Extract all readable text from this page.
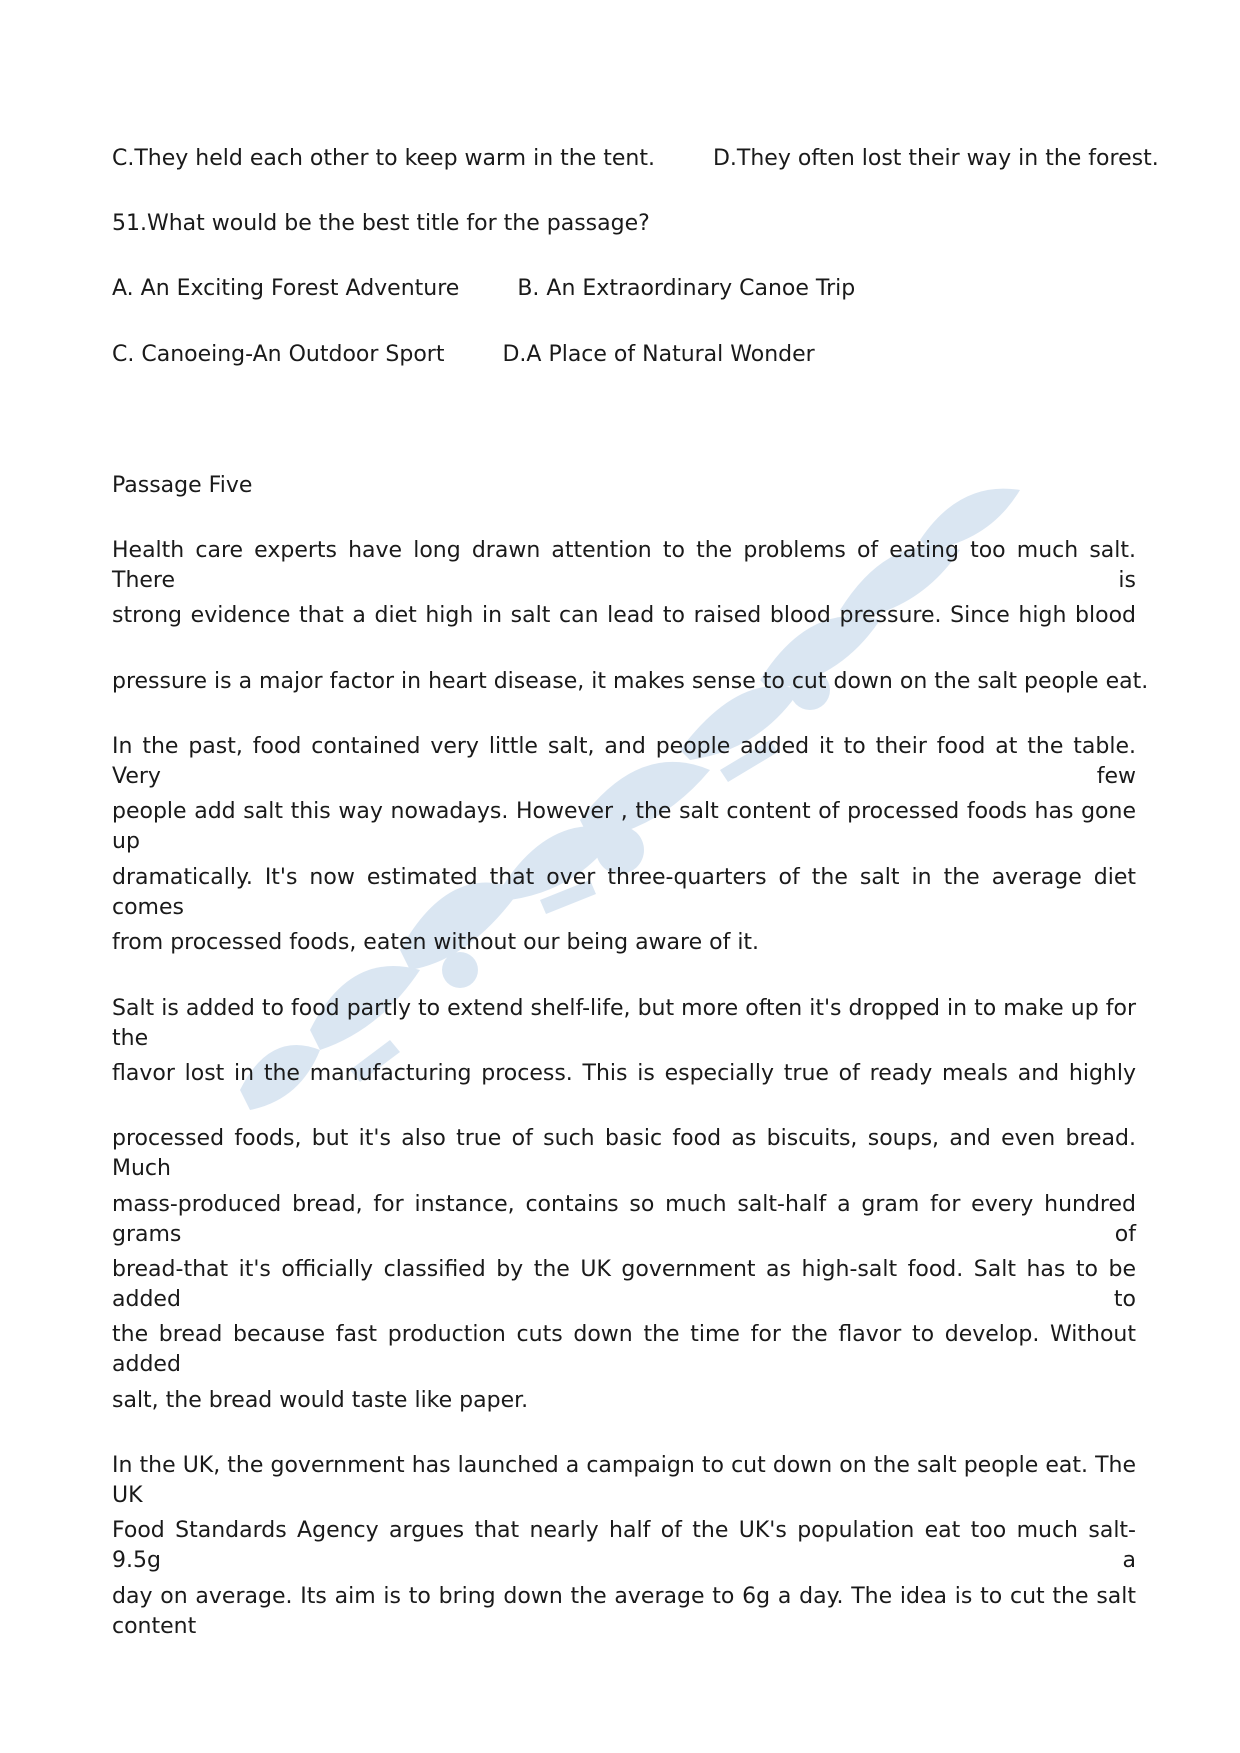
C.They held each other to keep warm in the tent.	D.They often lost their way in the forest.
51.What would be the best title for the passage?
A. An Exciting Forest Adventure	B. An Extraordinary Canoe Trip
C. Canoeing-An Outdoor Sport	D.A Place of Natural Wonder
Passage Five
Health care experts have long drawn attention to the problems of eating too much salt. There is
strong evidence that a diet high in salt can lead to raised blood pressure. Since high blood
pressure is a major factor in heart disease, it makes sense to cut down on the salt people eat.
In the past, food contained very little salt, and people added it to their food at the table. Very few
people add salt this way nowadays. However , the salt content of processed foods has gone up
dramatically. It's now estimated that over three-quarters of the salt in the average diet comes
from processed foods, eaten without our being aware of it.
Salt is added to food partly to extend shelf-life, but more often it's dropped in to make up for the
flavor lost in the manufacturing process. This is especially true of ready meals and highly
processed foods, but it's also true of such basic food as biscuits, soups, and even bread. Much
mass-produced bread, for instance, contains so much salt-half a gram for every hundred grams of
bread-that it's officially classified by the UK government as high-salt food. Salt has to be added to
the bread because fast production cuts down the time for the flavor to develop. Without added
salt, the bread would taste like paper.
In the UK, the government has launched a campaign to cut down on the salt people eat. The UK
Food Standards Agency argues that nearly half of the UK's population eat too much salt-9.5g a
day on average. Its aim is to bring down the average to 6g a day. The idea is to cut the salt content
